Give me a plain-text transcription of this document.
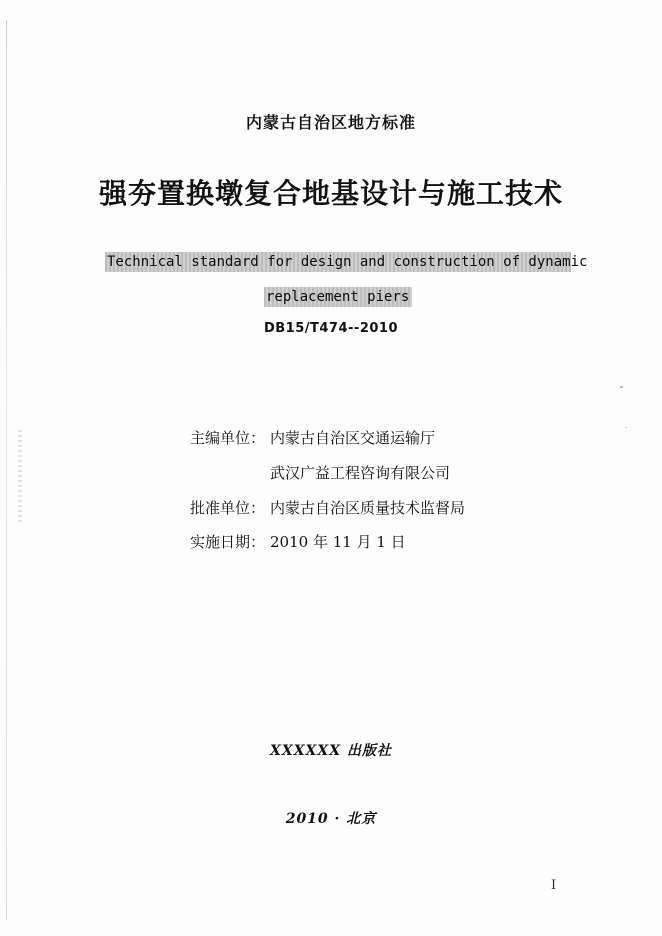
内蒙古自治区地方标准
强夯置换墩复合地基设计与施工技术
Technical standard for design and construction of dynamic
replacement piers
DB15/T474--2010
主编单位： 内蒙古自治区交通运输厅
武汉广益工程咨询有限公司
批准单位： 内蒙古自治区质量技术监督局
实施日期： 2010 年 11 月 1 日
XXXXXX 出版社
2010 · 北京
I
